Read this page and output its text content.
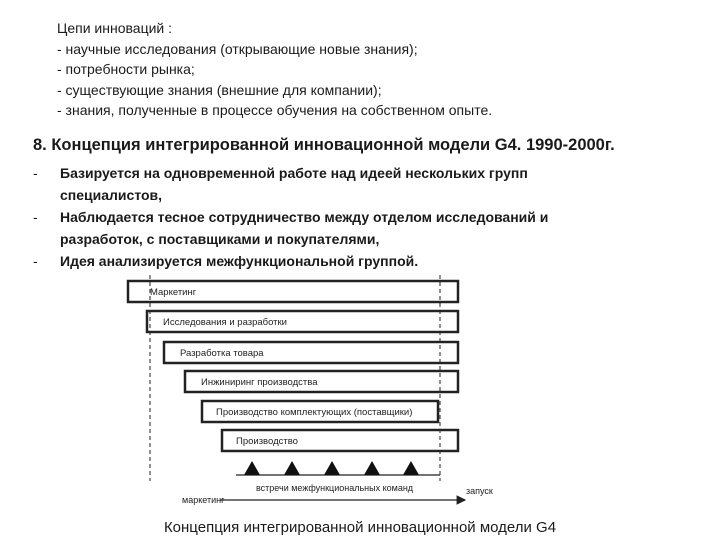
Цепи инноваций :
- научные исследования (открывающие новые знания);
- потребности рынка;
- существующие знания (внешние для компании);
- знания, полученные в процессе обучения на собственном опыте.
8. Концепция интегрированной инновационной модели G4. 1990-2000г.
- Базируется на одновременной работе над идеей нескольких групп
специалистов,
- Наблюдается тесное сотрудничество между отделом исследований и
разработок, с поставщиками и покупателями,
- Идея анализируется межфункциональной группой.
Маркетинг
Исследования и разработки
Разработка товара
Инжиниринг производства
Производство комплектующих (поставщики)
Производство
встречи межфункциональных команд
маркетинг
запуск
Концепция интегрированной инновационной модели G4
